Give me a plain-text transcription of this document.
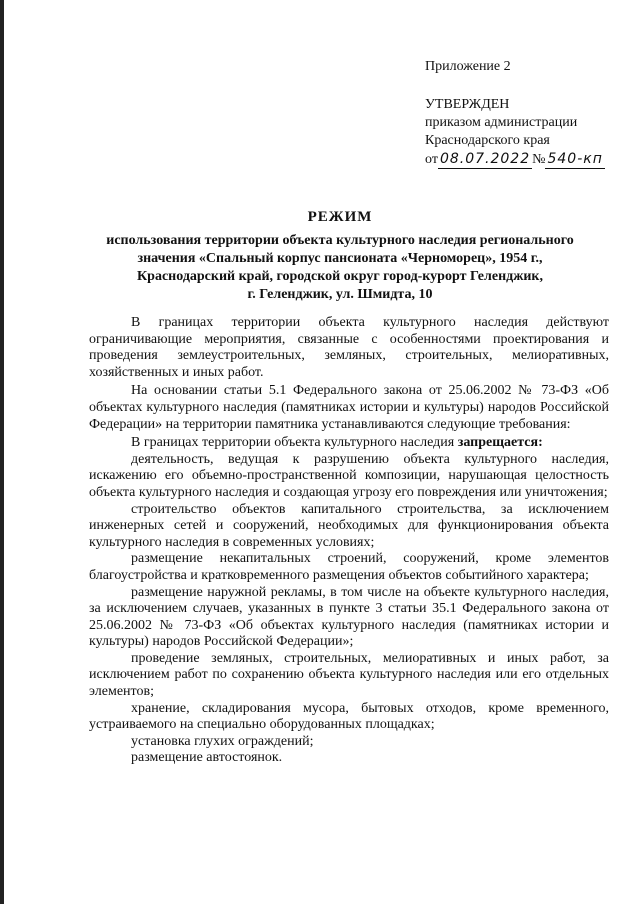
Приложение 2
УТВЕРЖДЕН
приказом администрации
Краснодарского края
от 08.07.2022 № 540-кп
РЕЖИМ
использования территории объекта культурного наследия регионального
значения «Спальный корпус пансионата «Черноморец», 1954 г.,
Краснодарский край, городской округ город-курорт Геленджик,
г. Геленджик, ул. Шмидта, 10

В границах территории объекта культурного наследия действуют ограничивающие мероприятия, связанные с особенностями проектирования и проведения землеустроительных, земляных, строительных, мелиоративных, хозяйственных и иных работ.

На основании статьи 5.1 Федерального закона от 25.06.2002 № 73-ФЗ «Об объектах культурного наследия (памятниках истории и культуры) народов Российской Федерации» на территории памятника устанавливаются следующие требования:

В границах территории объекта культурного наследия запрещается:

деятельность, ведущая к разрушению объекта культурного наследия, искажению его объемно-пространственной композиции, нарушающая целостность объекта культурного наследия и создающая угрозу его повреждения или уничтожения;

строительство объектов капитального строительства, за исключением инженерных сетей и сооружений, необходимых для функционирования объекта культурного наследия в современных условиях;

размещение некапитальных строений, сооружений, кроме элементов благоустройства и кратковременного размещения объектов событийного характера;

размещение наружной рекламы, в том числе на объекте культурного наследия, за исключением случаев, указанных в пункте 3 статьи 35.1 Федерального закона от 25.06.2002 № 73-ФЗ «Об объектах культурного наследия (памятниках истории и культуры) народов Российской Федерации»;

проведение земляных, строительных, мелиоративных и иных работ, за исключением работ по сохранению объекта культурного наследия или его отдельных элементов;

хранение, складирования мусора, бытовых отходов, кроме временного, устраиваемого на специально оборудованных площадках;

установка глухих ограждений;

размещение автостоянок.
